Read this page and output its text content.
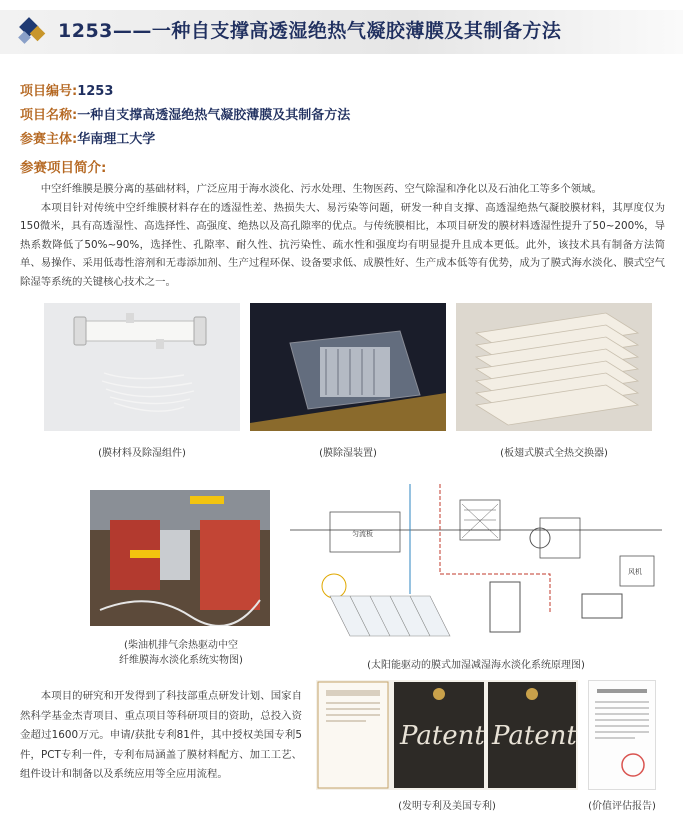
1253——一种自支撑高透湿绝热气凝胶薄膜及其制备方法
项目编号:1253
项目名称:一种自支撑高透湿绝热气凝胶薄膜及其制备方法
参赛主体:华南理工大学
参赛项目简介:

中空纤维膜是膜分离的基础材料，广泛应用于海水淡化、污水处理、生物医药、空气除湿和净化以及石油化工等多个领域。

本项目针对传统中空纤维膜材料存在的透湿性差、热损失大、易污染等问题，研发一种自支撑、高透湿绝热气凝胶膜材料，其厚度仅为150微米，具有高透湿性、高选择性、高强度、绝热以及高孔隙率的优点。与传统膜相比，本项目研发的膜材料透湿性提升了50~200%，导热系数降低了50%~90%，选择性、孔隙率、耐久性、抗污染性、疏水性和强度均有明显提升且成本更低。此外，该技术具有制备方法简单、易操作、采用低毒性溶剂和无毒添加剂、生产过程环保、设备要求低、成膜性好、生产成本低等有优势，成为了膜式海水淡化、膜式空气除湿等系统的关键核心技术之一。

(膜材料及除湿组件)	(膜除湿装置)	(板翅式膜式全热交换器)
(柴油机排气余热驱动中空
纤维膜海水淡化系统实物图)
匀流板
风机
(太阳能驱动的膜式加湿减湿海水淡化系统原理图)

本项目的研究和开发得到了科技部重点研发计划、国家自然科学基金杰青项目、重点项目等科研项目的资助，总投入资金超过1600万元。申请/获批专利81件，其中授权美国专利5件，PCT专利一件，专利布局涵盖了膜材料配方、加工工艺、组件设计和制备以及系统应用等全应用流程。

Patent Patent
(发明专利及美国专利)	(价值评估报告)
